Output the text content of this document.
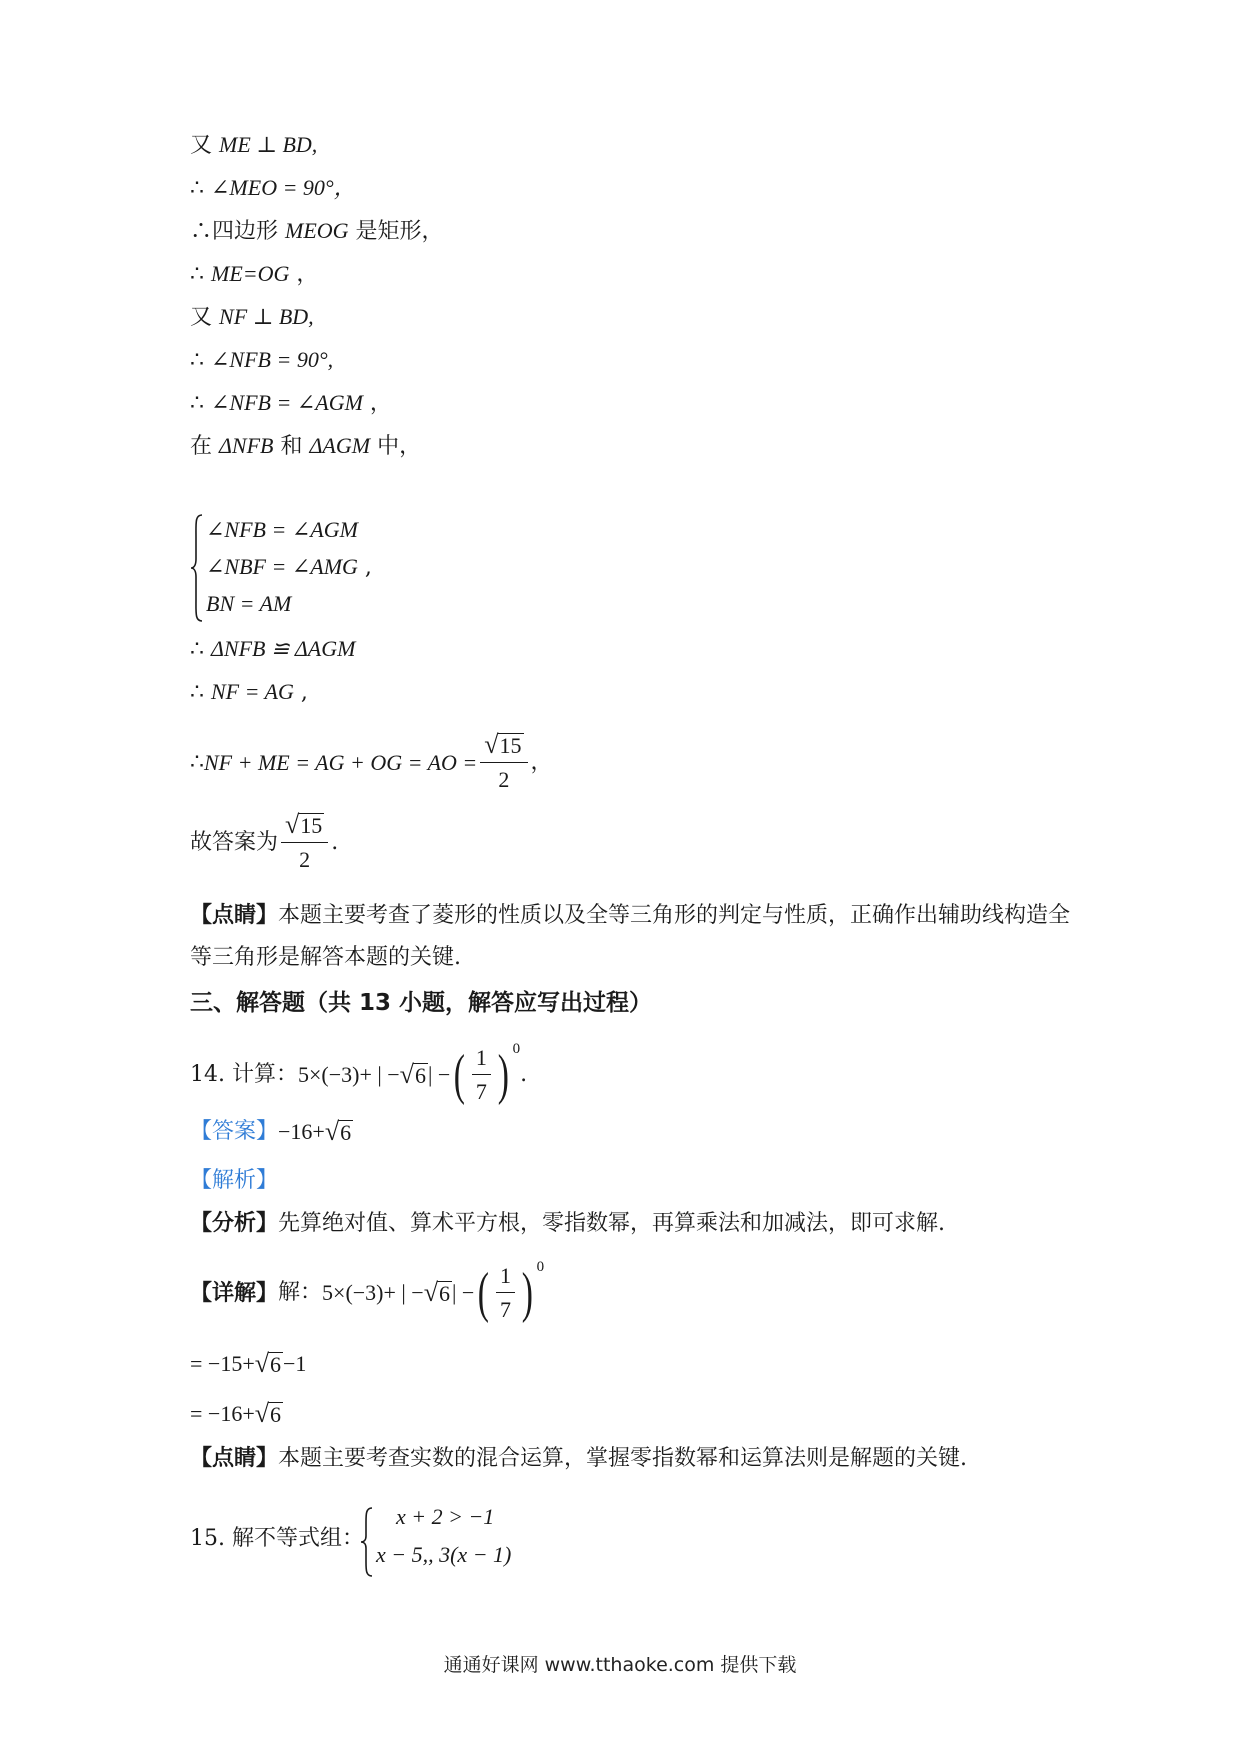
又 ME ⊥ BD,
∴ ∠MEO = 90°，
∴四边形 MEOG 是矩形，
∴ ME=OG ，
又 NF ⊥ BD,
∴ ∠NFB = 90°,
∴ ∠NFB = ∠AGM ，
在 ΔNFB 和 ΔAGM 中，
∠NFB = ∠AGM
∠NBF = ∠AMG ,
BN = AM
∴ ΔNFB ≌ ΔAGM
∴ NF = AG ,
∴ NF + ME = AG + OG = AO = $\frac{√ 15}{2}$ ，
故答案为 $\frac{√ 15}{2}$ .
【点睛】本题主要考查了菱形的性质以及全等三角形的判定与性质，正确作出辅助线构造全
等三角形是解答本题的关键.
三、解答题（共 13 小题，解答应写出过程）
14. 计算： 5×(−3)+ | − √ 6 | − ( $\frac{1}{7}$ ) 0
.
【答案】 −16+ √ 6
【解析】
【分析】先算绝对值、算术平方根，零指数幂，再算乘法和加减法，即可求解.
【详解】 解： 5×(−3)+ | − √ 6 | − ( $\frac{1}{7}$ ) 0
= −15+ √ 6 −1
= −16+ √ 6
【点睛】本题主要考查实数的混合运算，掌握零指数幂和运算法则是解题的关键.
15. 解不等式组：
x + 2 > −1
x − 5,, 3(x − 1)
通通好课网 www.tthaoke.com 提供下载
